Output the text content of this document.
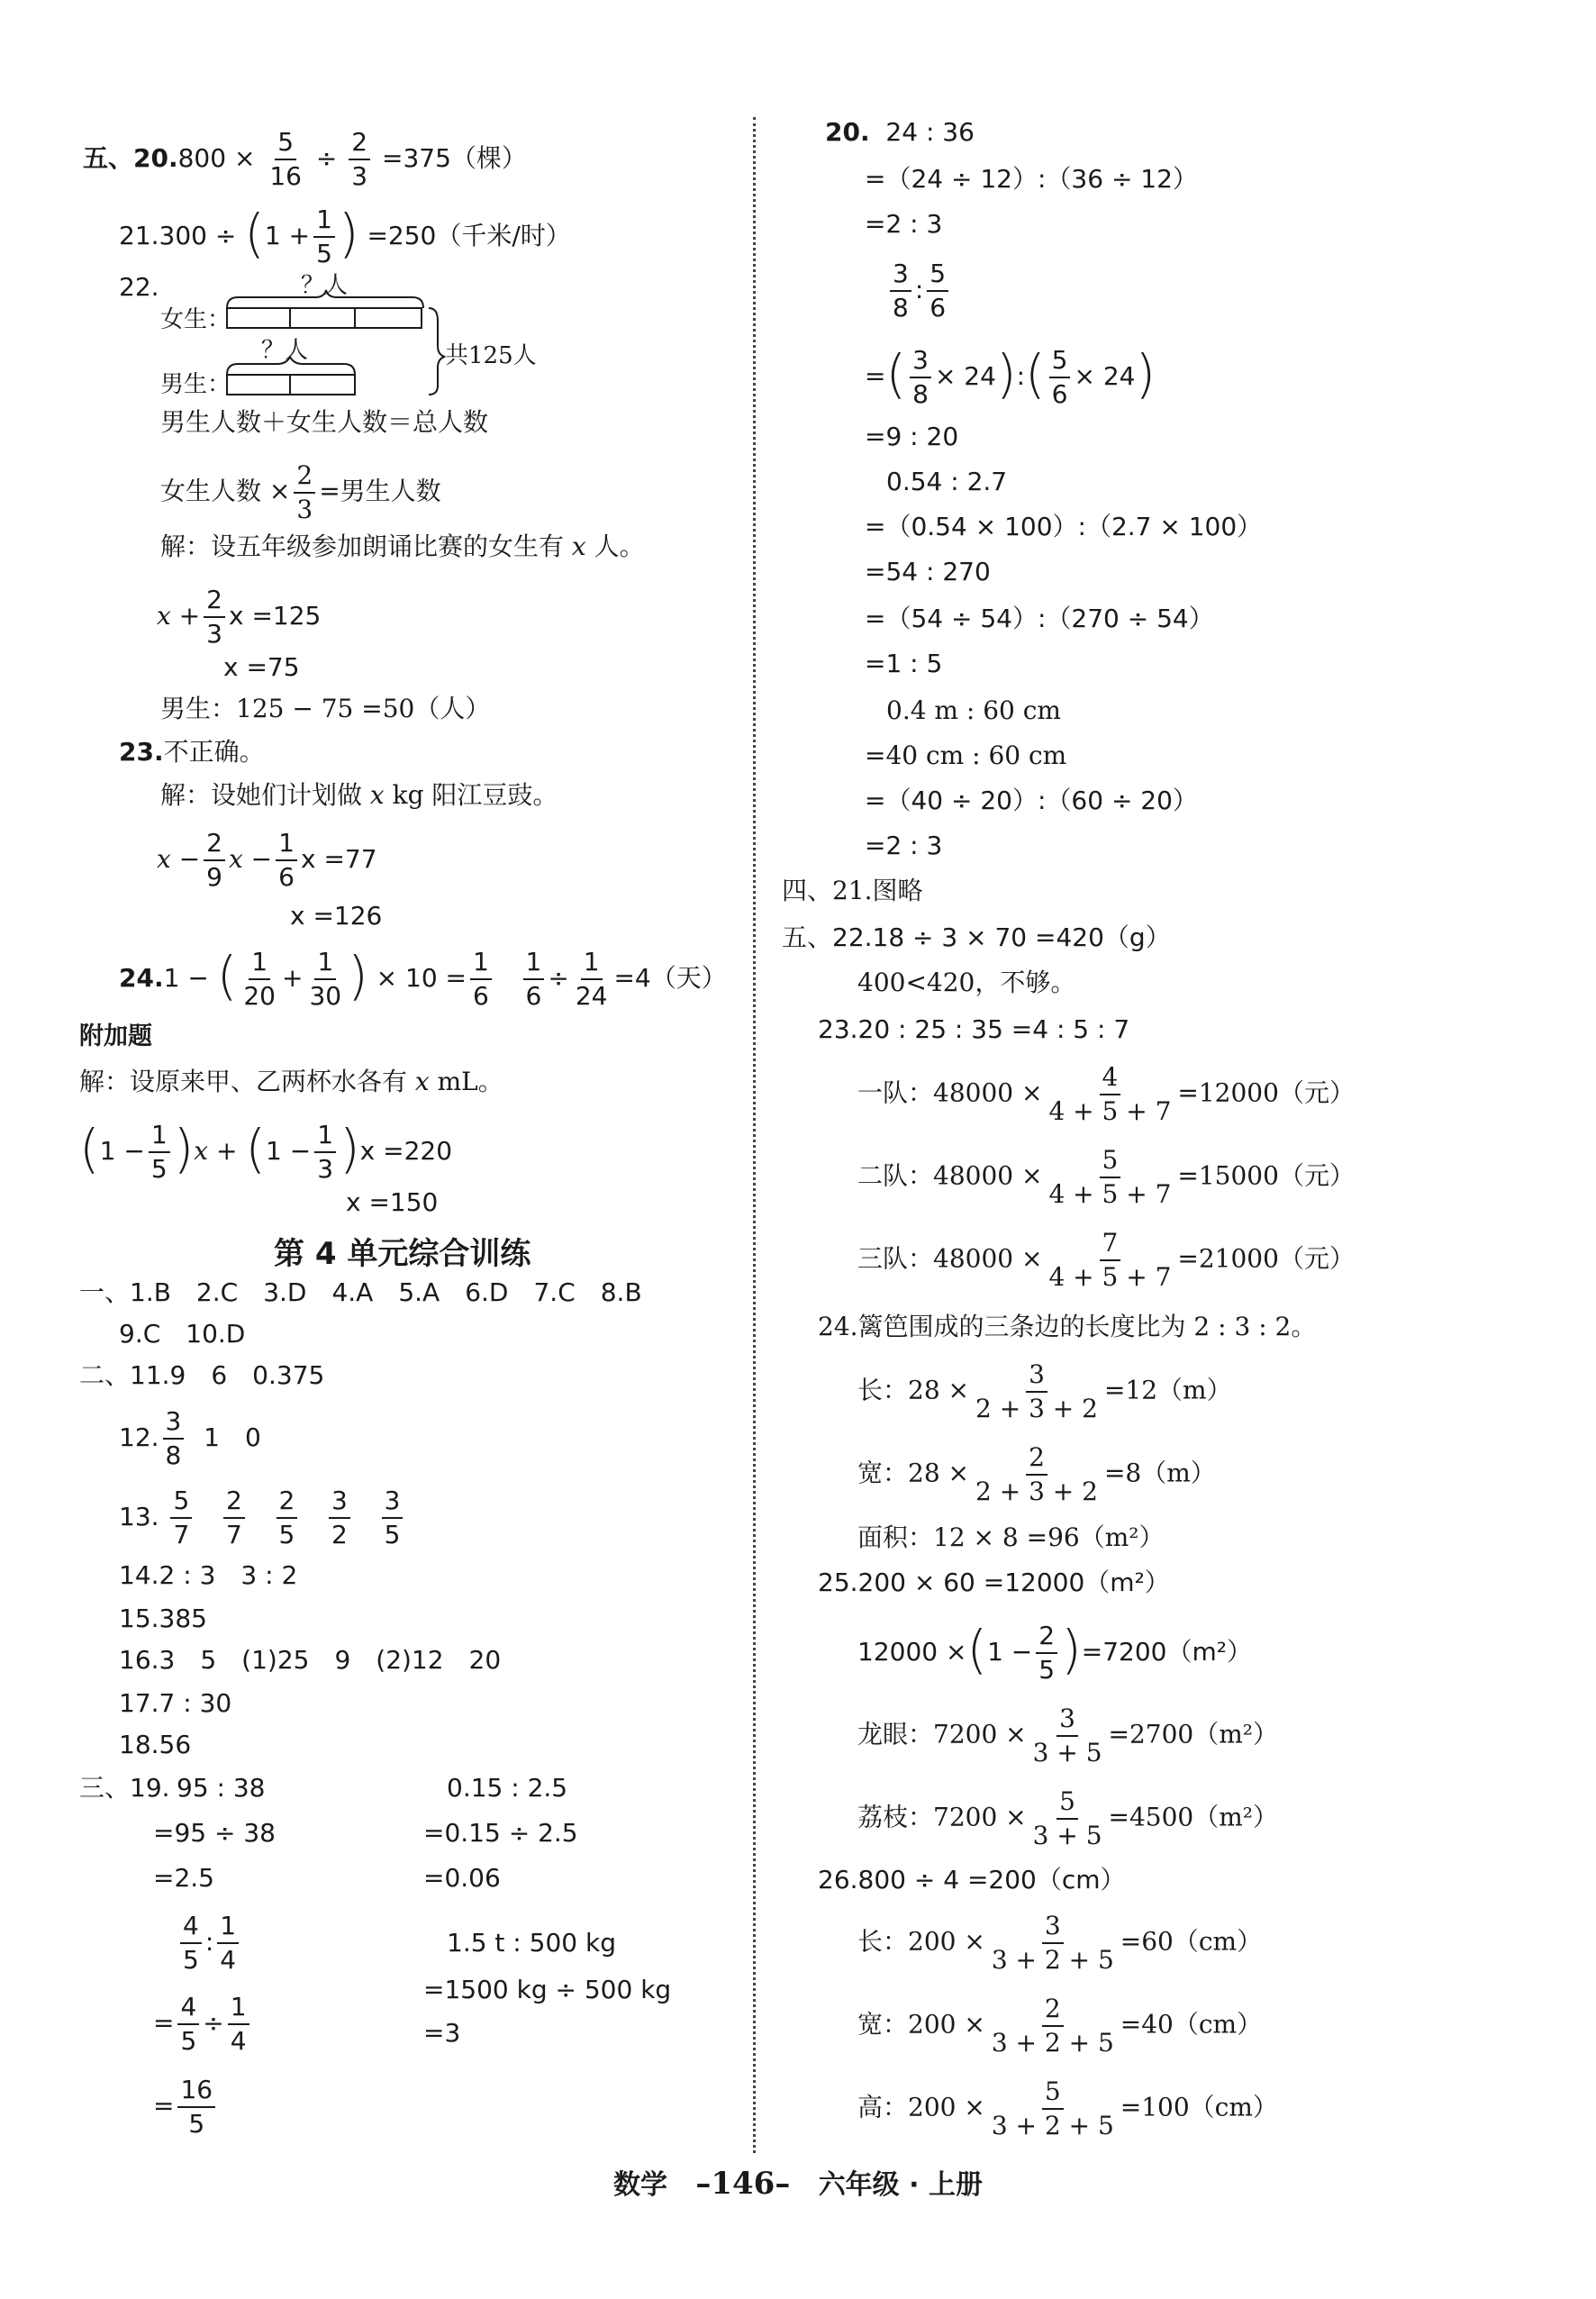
五、$20.800 \times \frac{5}{16} \div \frac{2}{3} =375$（棵）
$21.300 \div (1 + \frac{1}{5}$ ) =250（千米/时）
22.	？人
女生：
？人
男生：
共125人
男生人数＋女生人数＝总人数
女生人数 × $\frac{2}{3}$ =男生人数
解：设五年级参加朗诵比赛的女生有 x 人。
$x + \frac{2}{3}$ x =125
x =75
男生：125 − 75 =50（人）
23.不正确。
解：设她们计划做 x kg 阳江豆豉。
$x - \frac{2}{9}$ $x - \frac{1}{6}$ x =77
x =126
24.1 − ( $\frac{1}{20} + \frac{1}{30}$ ) × $10 = \frac{1}{6}$
$\frac{1}{6} \div \frac{1}{24} =4$（天）
附加题
解：设原来甲、乙两杯水各有 x mL。
$(1 - \frac{1}{5} )x + (1 - \frac{1}{3} )x =220$
x =150
第 4 单元综合训练
一、1.B　2.C　3.D　4.A　5.A　6.D　7.C　8.B
9.C　10.D
二、11.9　6　0.375
12. $\frac{3}{8} 1$　0
13. $\frac{5}{7}$
$\frac{2}{7}$
$\frac{2}{5}$
$\frac{3}{2}$
$\frac{3}{5}$
14.2 : 3　3 : 2
15.385
16.3　5　(1)25　9　(2)12　20
17.7 : 30
18.56
三、19. 95 : 38
=95 ÷ 38
=2.5
$\frac{4}{5}$ : $\frac{1}{4}$
= $\frac{4}{5} \div \frac{1}{4}$
= $\frac{16}{5}$
0.15 : 2.5
=0.15 ÷ 2.5
=0.06
1.5 t : 500 kg
=1500 kg ÷ 500 kg
=3
20. 24 : 36
=（24 ÷ 12）:（36 ÷ 12）
=2 : 3
$\frac{3}{8}$ : $\frac{5}{6}$
=( $\frac{3}{8}$ × 24):( $\frac{5}{6} \times 24$)
=9 : 20
0.54 : 2.7
=（0.54 × 100）:（2.7 × 100）
=54 : 270
=（54 ÷ 54）:（270 ÷ 54）
=1 : 5
0.4 m : 60 cm
=40 cm : 60 cm
=（40 ÷ 20）:（60 ÷ 20）
=2 : 3
四、21.图略
五、22.18 ÷ 3 × 70 =420（g）
400<420，不够。
23.20 : 25 : 35 =4 : 5 : 7
一队：$48000 \times \frac{4}{4 + 5 + 7} =12000$（元）
二队：$48000 \times \frac{5}{4 + 5 + 7} =15000$（元）
三队：$48000 \times \frac{7}{4 + 5 + 7} =21000$（元）
24.篱笆围成的三条边的长度比为 2 : 3 : 2。
长：$28 \times \frac{3}{2 + 3 + 2} =12(m)$
宽：$28 \times \frac{2}{2 + 3 + 2} =8(m)$
面积：12 × 8 =96（m²）
25.200 × 60 =12000（m²）
$12000 \times(1 - \frac{2}{5} )=7200(m^2)$
龙眼：$7200 \times \frac{3}{3 + 5} =2700(m^2)$
荔枝：$7200 \times \frac{5}{3 + 5} =4500(m^2)$
26.800 ÷ 4 =200（cm）
长：$200 \times \frac{3}{3 + 2 + 5} =60(cm)$
宽：$200 \times \frac{2}{3 + 2 + 5} =40(cm)$
高：$200 \times \frac{5}{3 + 2 + 5} =100(cm)$
数学 –146– 六年级 · 上册
